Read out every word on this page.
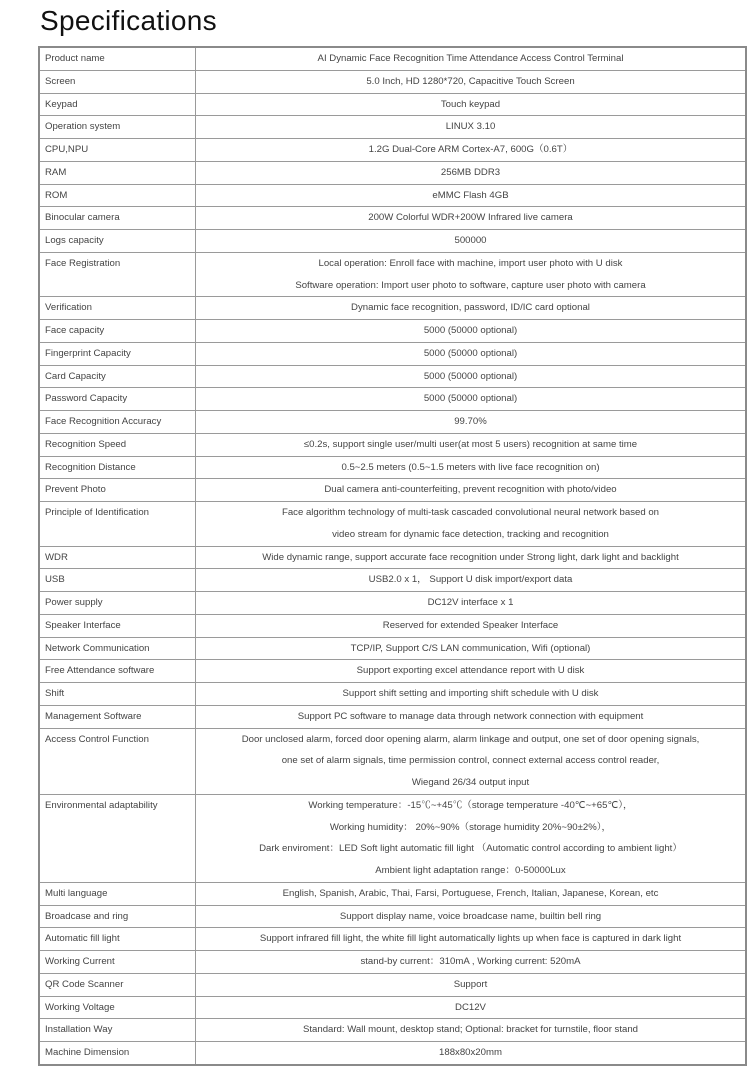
Specifications
Product name	AI Dynamic Face Recognition Time Attendance Access Control Terminal

Screen	5.0 Inch, HD 1280*720, Capacitive Touch Screen

Keypad	Touch keypad

Operation system	LINUX 3.10

CPU,NPU	1.2G Dual-Core ARM Cortex-A7, 600G（0.6T）

RAM	256MB DDR3

ROM	eMMC Flash 4GB

Binocular camera	200W Colorful WDR+200W Infrared live camera

Logs capacity	500000

Face Registration	Local operation: Enroll face with machine, import user photo with U disk
Software operation: Import user photo to software, capture user photo with camera

Verification	Dynamic face recognition, password, ID/IC card optional

Face capacity	5000 (50000 optional)

Fingerprint Capacity	5000 (50000 optional)

Card Capacity	5000 (50000 optional)

Password Capacity	5000 (50000 optional)

Face Recognition Accuracy	99.70%

Recognition Speed	≤0.2s, support single user/multi user(at most 5 users) recognition at same time

Recognition Distance	0.5~2.5 meters (0.5~1.5 meters with live face recognition on)

Prevent Photo	Dual camera anti-counterfeiting, prevent recognition with photo/video

Principle of Identification	Face algorithm technology of multi-task cascaded convolutional neural network based on
video stream for dynamic face detection, tracking and recognition

WDR	Wide dynamic range, support accurate face recognition under Strong light, dark light and backlight

USB	USB2.0 x 1， Support U disk import/export data

Power supply	DC12V interface x 1

Speaker Interface	Reserved for extended Speaker Interface

Network Communication	TCP/IP, Support C/S LAN communication, Wifi (optional)

Free Attendance software	Support exporting excel attendance report with U disk

Shift	Support shift setting and importing shift schedule with U disk

Management Software	Support PC software to manage data through network connection with equipment

Access Control Function	Door unclosed alarm, forced door opening alarm, alarm linkage and output, one set of door opening signals,
one set of alarm signals, time permission control, connect external access control reader,
Wiegand 26/34 output input

Environmental adaptability	Working temperature：-15℃~+45℃（storage temperature -40℃~+65℃），
Working humidity： 20%~90%（storage humidity 20%~90±2%），
Dark enviroment：LED Soft light automatic fill light （Automatic control according to ambient light）
Ambient light adaptation range：0-50000Lux

Multi language	English, Spanish, Arabic, Thai, Farsi, Portuguese, French, Italian, Japanese, Korean, etc

Broadcase and ring	Support display name, voice broadcase name, builtin bell ring

Automatic fill light	Support infrared fill light, the white fill light automatically lights up when face is captured in dark light

Working Current	stand-by current：310mA , Working current: 520mA

QR Code Scanner	Support

Working Voltage	DC12V

Installation Way	Standard: Wall mount, desktop stand; Optional: bracket for turnstile, floor stand

Machine Dimension	188x80x20mm
